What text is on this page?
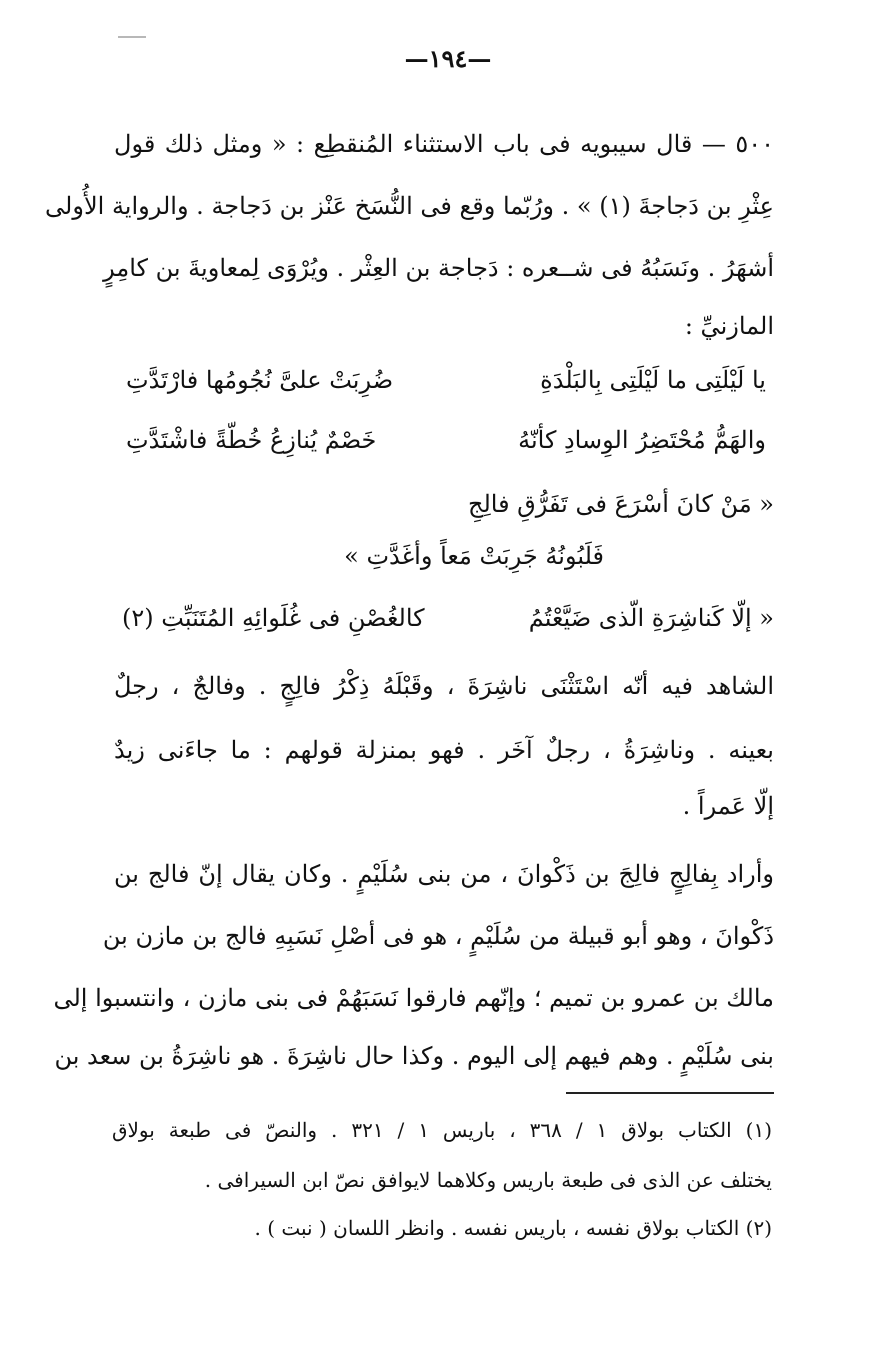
—١٩٤—
٥٠٠ — قال سيبويه فى باب الاستثناء المُنقطِع : « ومثل ذلك قول
عِثْرِ بن دَجاجةَ (١) » . ورُبّما وقع فى النُّسَخ عَنْز بن دَجاجة . والرواية الأُولى
أشهَرُ . ونَسَبُهُ فى شــعره : دَجاجة بن العِثْر . ويُرْوَى لِمعاويةَ بن كامِرٍ
المازنيِّ :
يا لَيْلَتِى ما لَيْلَتِى بِالبَلْدَةِ
ضُرِبَتْ علىَّ نُجُومُها فارْتَدَّتِ
والهَمُّ مُحْتَضِرُ الوِسادِ كأنّهُ
خَصْمٌ يُنازِعُ خُطّةً فاشْتَدَّتِ
« مَنْ كانَ أسْرَعَ فى تَفَرُّقِ فالِجِ
فَلَبُونُهُ جَرِبَتْ مَعاً وأغَدَّتِ »
« إلّا كَناشِرَةِ الّذى ضَيَّعْتُمُ
كالغُصْنِ فى غُلَوائِهِ المُتَنَبِّتِ (٢)
الشاهد فيه أنّه اسْتَثْنَى ناشِرَةَ ، وقَبْلَهُ ذِكْرُ فالِجٍ . وفالجٌ ، رجلٌ
بعينه . وناشِرَةُ ، رجلٌ آخَر . فهو بمنزلة قولهم : ما جاءَنى زيدٌ
إلّا عَمراً .
وأراد بِفالِجٍ فالِجَ بن ذَكْوانَ ، من بنى سُلَيْمٍ . وكان يقال إنّ فالج بن
ذَكْوانَ ، وهو أبو قبيلة من سُلَيْمٍ ، هو فى أصْلِ نَسَبِهِ فالج بن مازن بن
مالك بن عمرو بن تميم ؛ وإنّهم فارقوا نَسَبَهُمْ فى بنى مازن ، وانتسبوا إلى
بنى سُلَيْمٍ . وهم فيهم إلى اليوم . وكذا حال ناشِرَةَ . هو ناشِرَةُ بن سعد بن
(١) الكتاب بولاق ١ / ٣٦٨ ، باريس ١ / ٣٢١ . والنصّ فى طبعة بولاق
يختلف عن الذى فى طبعة باريس وكلاهما لايوافق نصّ ابن السيرافى .
(٢) الكتاب بولاق نفسه ، باريس نفسه . وانظر اللسان ( نبت ) .
